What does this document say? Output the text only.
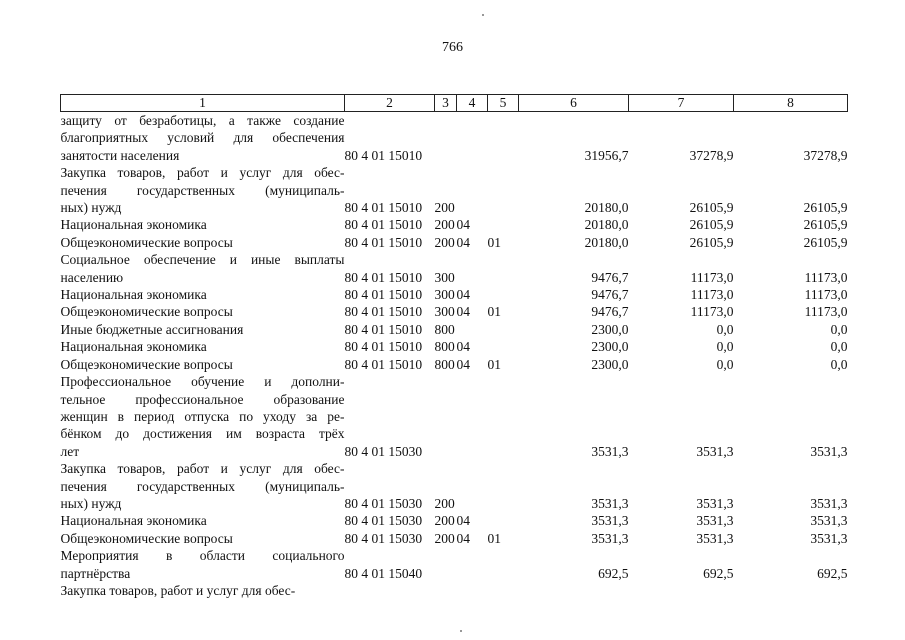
766
1	2	3	4	5	6	7	8

защиту от безработицы, а также создание
благоприятных условий для обеспечения
занятости населения	80 4 01 15010				31956,7	37278,9	37278,9

Закупка товаров, работ и услуг для обес-
печения государственных (муниципаль-
ных) нужд	80 4 01 15010	200			20180,0	26105,9	26105,9

Национальная экономика	80 4 01 15010	200	04		20180,0	26105,9	26105,9

Общеэкономические вопросы	80 4 01 15010	200	04	01	20180,0	26105,9	26105,9

Социальное обеспечение и иные выплаты
населению	80 4 01 15010	300			9476,7	11173,0	11173,0

Национальная экономика	80 4 01 15010	300	04		9476,7	11173,0	11173,0

Общеэкономические вопросы	80 4 01 15010	300	04	01	9476,7	11173,0	11173,0

Иные бюджетные ассигнования	80 4 01 15010	800			2300,0	0,0	0,0

Национальная экономика	80 4 01 15010	800	04		2300,0	0,0	0,0

Общеэкономические вопросы	80 4 01 15010	800	04	01	2300,0	0,0	0,0

Профессиональное обучение и дополни-
тельное профессиональное образование
женщин в период отпуска по уходу за ре-
бёнком до достижения им возраста трёх
лет	80 4 01 15030				3531,3	3531,3	3531,3

Закупка товаров, работ и услуг для обес-
печения государственных (муниципаль-
ных) нужд	80 4 01 15030	200			3531,3	3531,3	3531,3

Национальная экономика	80 4 01 15030	200	04		3531,3	3531,3	3531,3

Общеэкономические вопросы	80 4 01 15030	200	04	01	3531,3	3531,3	3531,3

Мероприятия в области социального
партнёрства	80 4 01 15040				692,5	692,5	692,5

Закупка товаров, работ и услуг для обес-							
